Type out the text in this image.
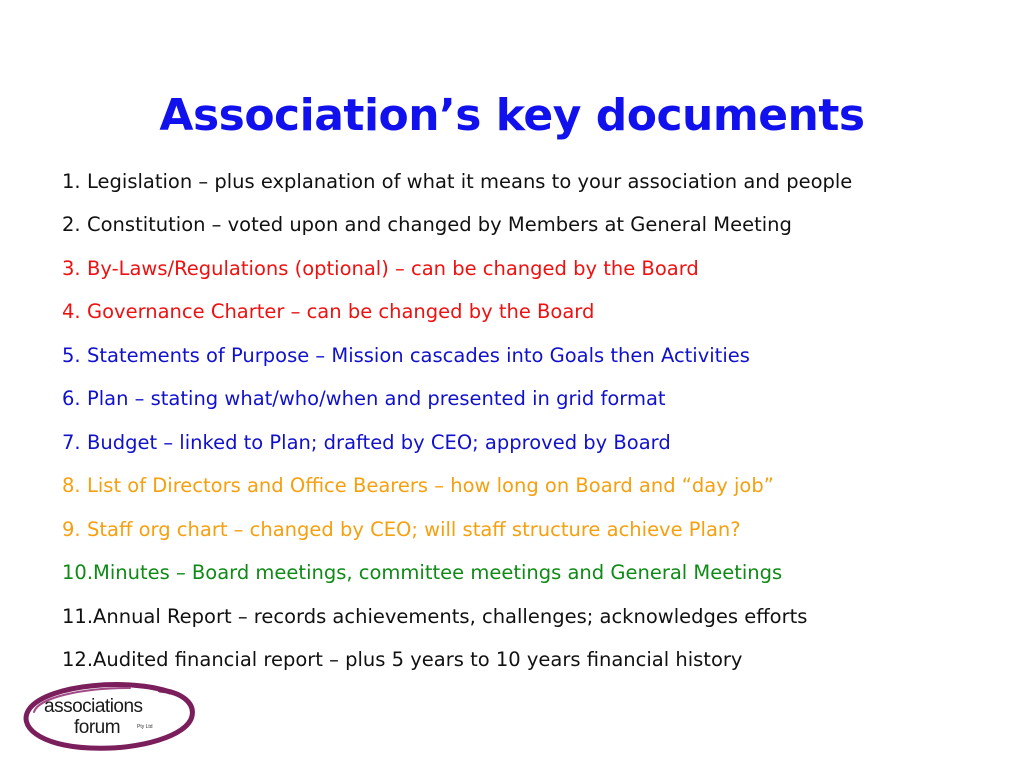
Association’s key documents
1. Legislation – plus explanation of what it means to your association and people
2. Constitution – voted upon and changed by Members at General Meeting
3. By-Laws/Regulations (optional) – can be changed by the Board
4. Governance Charter – can be changed by the Board
5. Statements of Purpose – Mission cascades into Goals then Activities
6. Plan – stating what/who/when and presented in grid format
7. Budget – linked to Plan; drafted by CEO; approved by Board
8. List of Directors and Office Bearers – how long on Board and “day job”
9. Staff org chart – changed by CEO; will staff structure achieve Plan?
10. Minutes – Board meetings, committee meetings and General Meetings
11. Annual Report – records achievements, challenges; acknowledges efforts
12. Audited financial report – plus 5 years to 10 years financial history
associations
forum	Pty Ltd
